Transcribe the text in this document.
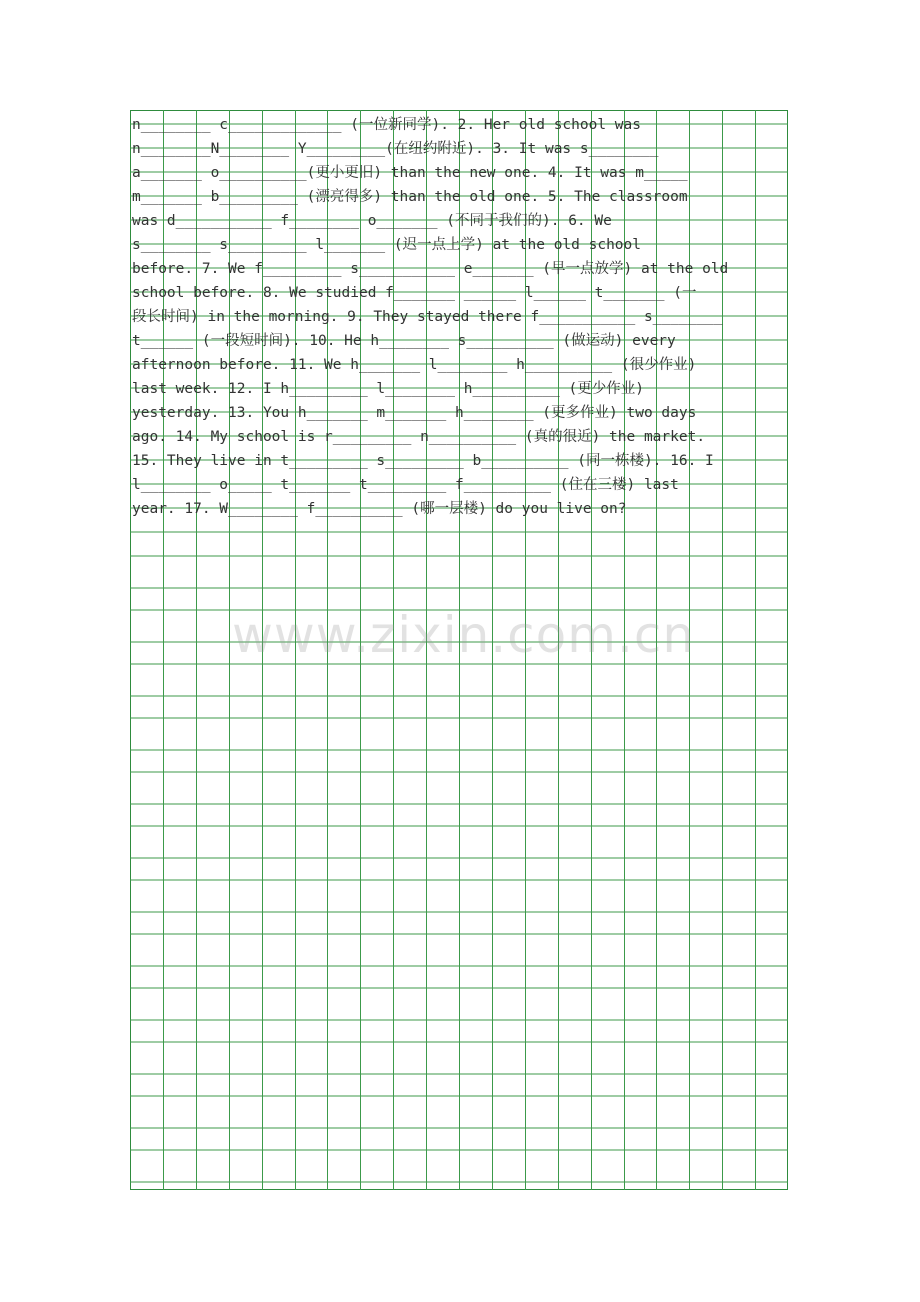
n________ c_____________ (一位新同学). 2. Her old school was
n________N________ Y_________(在纽约附近). 3. It was s________
a_______ o__________(更小更旧) than the new one. 4. It was m_____
m_______ b_________ (漂亮得多) than the old one. 5. The classroom
was d___________ f________ o_______ (不同于我们的). 6. We
s________ s_________ l_______ (迟一点上学) at the old school
before. 7. We f_________ s___________ e_______ (早一点放学) at the old
school before. 8. We studied f_______ ______ l______ t_______ (一
段长时间) in the morning. 9. They stayed there f___________ s________
t______ (一段短时间). 10. He h________ s__________ (做运动) every
afternoon before. 11. We h_______ l________ h__________ (很少作业)
last week. 12. I h_________ l________ h__________ (更少作业)
yesterday. 13. You h_______ m_______ h________ (更多作业) two days
ago. 14. My school is r_________ n__________ (真的很近) the market.
15. They live in t_________ s_________ b__________ (同一栋楼). 16. I
l________ o_____ t_______ t_________ f__________ (住在三楼) last
year. 17. W________ f__________ (哪一层楼) do you live on?
www.zixin.com.cn
